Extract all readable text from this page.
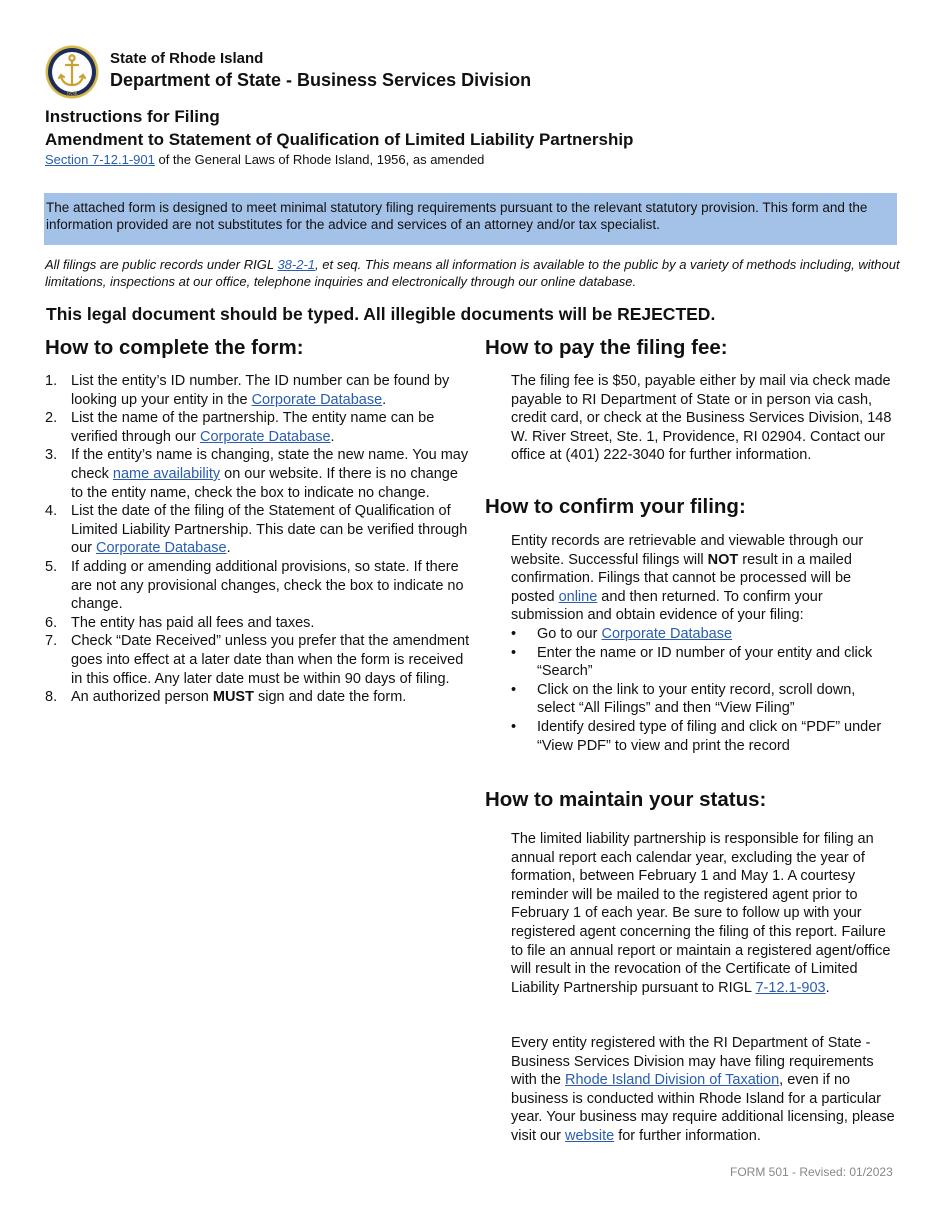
1636
State of Rhode Island
Department of State - Business Services Division
Instructions for Filing
Amendment to Statement of Qualification of Limited Liability Partnership
Section 7-12.1-901 of the General Laws of Rhode Island, 1956, as amended
The attached form is designed to meet minimal statutory filing requirements pursuant to the relevant statutory provision. This form and the information provided are not substitutes for the advice and services of an attorney and/or tax specialist.
All filings are public records under RIGL 38-2-1, et seq. This means all information is available to the public by a variety of methods including, without limitations, inspections at our office, telephone inquiries and electronically through our online database.
This legal document should be typed. All illegible documents will be REJECTED.
How to complete the form:
1. List the entity’s ID number. The ID number can be found by looking up your entity in the Corporate Database.
2. List the name of the partnership. The entity name can be verified through our Corporate Database.
3. If the entity’s name is changing, state the new name. You may check name availability on our website. If there is no change to the entity name, check the box to indicate no change.
4. List the date of the filing of the Statement of Qualification of Limited Liability Partnership. This date can be verified through our Corporate Database.
5. If adding or amending additional provisions, so state. If there are not any provisional changes, check the box to indicate no change.
6. The entity has paid all fees and taxes.
7. Check “Date Received” unless you prefer that the amendment goes into effect at a later date than when the form is received in this office. Any later date must be within 90 days of filing.
8. An authorized person MUST sign and date the form.
How to pay the filing fee:
The filing fee is $50, payable either by mail via check made payable to RI Department of State or in person via cash, credit card, or check at the Business Services Division, 148 W. River Street, Ste. 1, Providence, RI 02904. Contact our office at (401) 222-3040 for further information.
How to confirm your filing:
Entity records are retrievable and viewable through our website. Successful filings will NOT result in a mailed confirmation. Filings that cannot be processed will be posted online and then returned. To confirm your submission and obtain evidence of your filing:
• Go to our Corporate Database
• Enter the name or ID number of your entity and click “Search”
• Click on the link to your entity record, scroll down, select “All Filings” and then “View Filing”
• Identify desired type of filing and click on “PDF” under “View PDF” to view and print the record
How to maintain your status:
The limited liability partnership is responsible for filing an annual report each calendar year, excluding the year of formation, between February 1 and May 1. A courtesy reminder will be mailed to the registered agent prior to February 1 of each year. Be sure to follow up with your registered agent concerning the filing of this report. Failure to file an annual report or maintain a registered agent/office will result in the revocation of the Certificate of Limited Liability Partnership pursuant to RIGL 7-12.1-903.
Every entity registered with the RI Department of State - Business Services Division may have filing requirements with the Rhode Island Division of Taxation, even if no business is conducted within Rhode Island for a particular year. Your business may require additional licensing, please visit our website for further information.
FORM 501 - Revised: 01/2023
